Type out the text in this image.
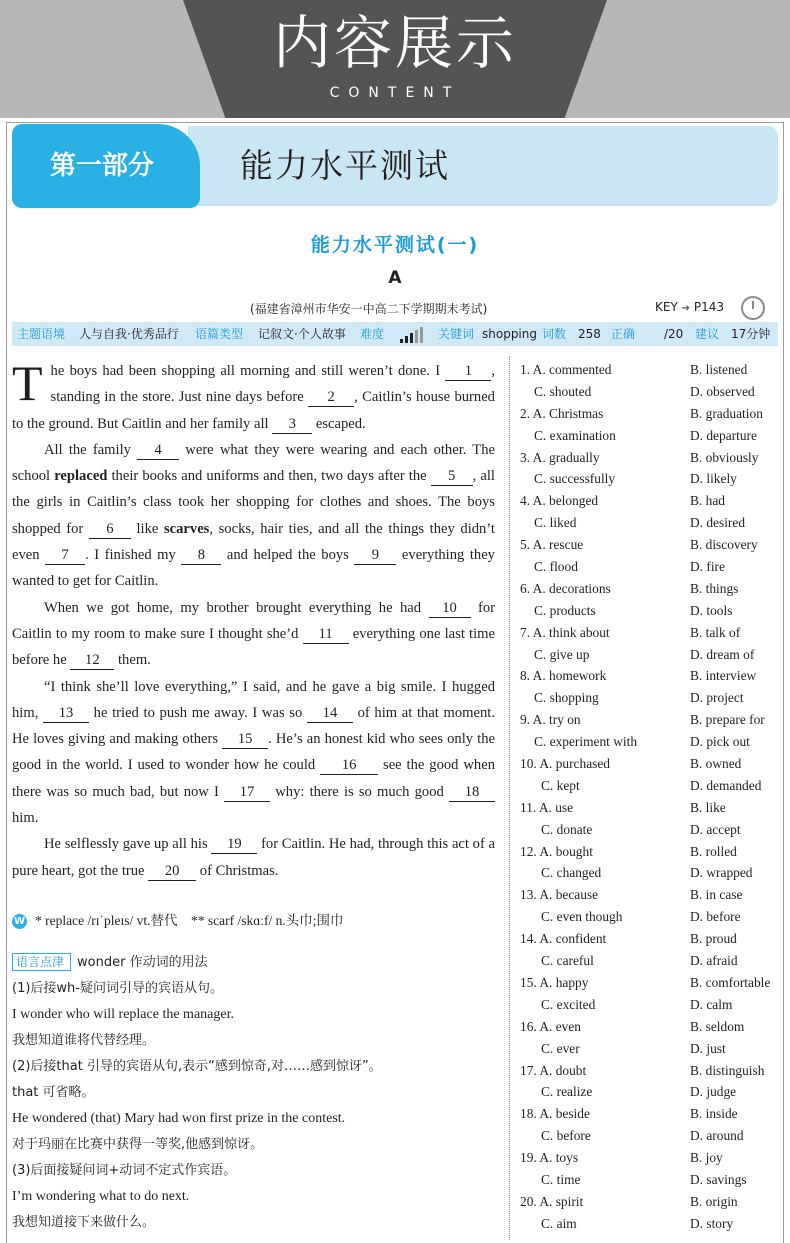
内容展示
CONTENT
第一部分	能力水平测试
能力水平测试(一)
A
(福建省漳州市华安一中高二下学期期末考试)	KEY ➔ P143
主题语境 人与自我·优秀品行 语篇类型 记叙文·个人故事 难度	关键词 shopping 词数 258 正确 /20 建议 17分钟

The boys had been shopping all morning and still weren’t done. I 1 , standing in the store. Just nine days before 2 , Caitlin’s house burned to the ground. But Caitlin and her family all 3 escaped.

All the family 4 were what they were wearing and each other. The school replaced their books and uniforms and then, two days after the 5 , all the girls in Caitlin’s class took her shopping for clothes and shoes. The boys shopped for 6 like scarves, socks, hair ties, and all the things they didn’t even 7 . I finished my 8 and helped the boys 9 everything they wanted to get for Caitlin.

When we got home, my brother brought everything he had 10 for Caitlin to my room to make sure I thought she’d 11 everything one last time before he 12 them.

“I think she’ll love everything,” I said, and he gave a big smile. I hugged him, 13 he tried to push me away. I was so 14 of him at that moment. He loves giving and making others 15 . He’s an honest kid who sees only the good in the world. I used to wonder how he could 16 see the good when there was so much bad, but now I 17 why: there is so much good 18 him.

He selflessly gave up all his 19 for Caitlin. He had, through this act of a pure heart, got the true 20 of Christmas.

W * replace /rɪˈpleɪs/ vt.替代 ** scarf /skɑːf/ n.头巾;围巾
语言点津 wonder 作动词的用法
(1)后接wh-疑问词引导的宾语从句。
I wonder who will replace the manager.
我想知道谁将代替经理。
(2)后接that 引导的宾语从句,表示“感到惊奇,对……感到惊讶”。
that 可省略。
He wondered (that) Mary had won first prize in the contest.
对于玛丽在比赛中获得一等奖,他感到惊讶。
(3)后面接疑问词+动词不定式作宾语。
I’m wondering what to do next.
我想知道接下来做什么。
1. A. commented	B. listened
C. shouted	D. observed
2. A. Christmas	B. graduation
C. examination	D. departure
3. A. gradually	B. obviously
C. successfully	D. likely
4. A. belonged	B. had
C. liked	D. desired
5. A. rescue	B. discovery
C. flood	D. fire
6. A. decorations	B. things
C. products	D. tools
7. A. think about	B. talk of
C. give up	D. dream of
8. A. homework	B. interview
C. shopping	D. project
9. A. try on	B. prepare for
C. experiment with	D. pick out
10. A. purchased	B. owned
C. kept	D. demanded
11. A. use	B. like
C. donate	D. accept
12. A. bought	B. rolled
C. changed	D. wrapped
13. A. because	B. in case
C. even though	D. before
14. A. confident	B. proud
C. careful	D. afraid
15. A. happy	B. comfortable
C. excited	D. calm
16. A. even	B. seldom
C. ever	D. just
17. A. doubt	B. distinguish
C. realize	D. judge
18. A. beside	B. inside
C. before	D. around
19. A. toys	B. joy
C. time	D. savings
20. A. spirit	B. origin
C. aim	D. story
